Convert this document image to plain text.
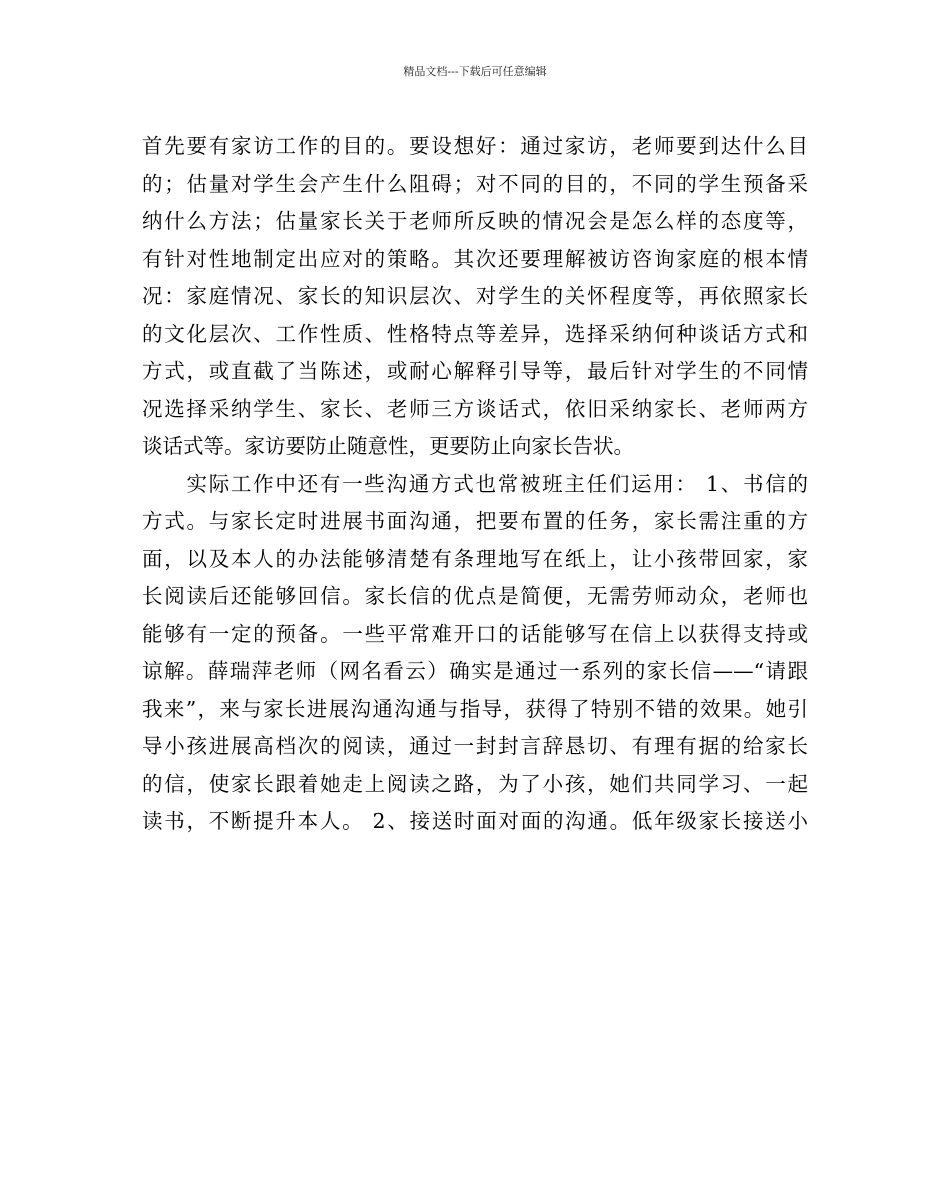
精品文档---下载后可任意编辑
首先要有家访工作的目的。要设想好：通过家访，老师要到达什么目
的；估量对学生会产生什么阻碍；对不同的目的，不同的学生预备采
纳什么方法；估量家长关于老师所反映的情况会是怎么样的态度等，
有针对性地制定出应对的策略。其次还要理解被访咨询家庭的根本情
况：家庭情况、家长的知识层次、对学生的关怀程度等，再依照家长
的文化层次、工作性质、性格特点等差异，选择采纳何种谈话方式和
方式，或直截了当陈述，或耐心解释引导等，最后针对学生的不同情
况选择采纳学生、家长、老师三方谈话式，依旧采纳家长、老师两方
谈话式等。家访要防止随意性，更要防止向家长告状。
　　实际工作中还有一些沟通方式也常被班主任们运用： 1、书信的
方式。与家长定时进展书面沟通，把要布置的任务，家长需注重的方
面，以及本人的办法能够清楚有条理地写在纸上，让小孩带回家，家
长阅读后还能够回信。家长信的优点是简便，无需劳师动众，老师也
能够有一定的预备。一些平常难开口的话能够写在信上以获得支持或
谅解。薛瑞萍老师（网名看云）确实是通过一系列的家长信——“请跟
我来”，来与家长进展沟通沟通与指导，获得了特别不错的效果。她引
导小孩进展高档次的阅读，通过一封封言辞恳切、有理有据的给家长
的信，使家长跟着她走上阅读之路，为了小孩，她们共同学习、一起
读书，不断提升本人。 2、接送时面对面的沟通。低年级家长接送小
